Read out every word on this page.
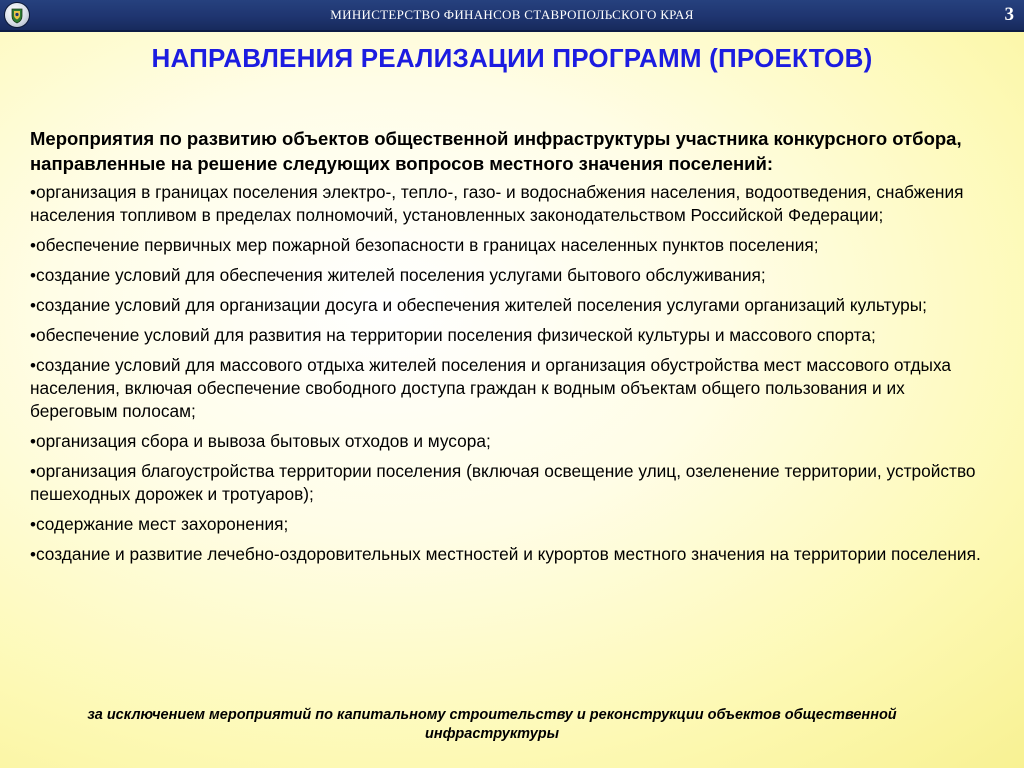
МИНИСТЕРСТВО ФИНАНСОВ СТАВРОПОЛЬСКОГО КРАЯ	3
НАПРАВЛЕНИЯ РЕАЛИЗАЦИИ ПРОГРАММ (ПРОЕКТОВ)

Мероприятия по развитию объектов общественной инфраструктуры участника конкурсного отбора, направленные на решение следующих вопросов местного значения поселений:

•организация в границах поселения электро-, тепло-, газо- и водоснабжения населения, водоотведения, снабжения населения топливом в пределах полномочий, установленных законодательством Российской Федерации;
•обеспечение первичных мер пожарной безопасности в границах населенных пунктов поселения;
•создание условий для обеспечения жителей поселения услугами бытового обслуживания;
•создание условий для организации досуга и обеспечения жителей поселения услугами организаций культуры;
•обеспечение условий для развития на территории поселения физической культуры и массового спорта;
•создание условий для массового отдыха жителей поселения и организация обустройства мест массового отдыха населения, включая обеспечение свободного доступа граждан к водным объектам общего пользования и их береговым полосам;
•организация сбора и вывоза бытовых отходов и мусора;
•организация благоустройства территории поселения (включая освещение улиц, озеленение территории, устройство пешеходных дорожек и тротуаров);
•содержание мест захоронения;
•создание и развитие лечебно-оздоровительных местностей и курортов местного значения на территории поселения.
за исключением мероприятий по капитальному строительству и реконструкции объектов общественной инфраструктуры
